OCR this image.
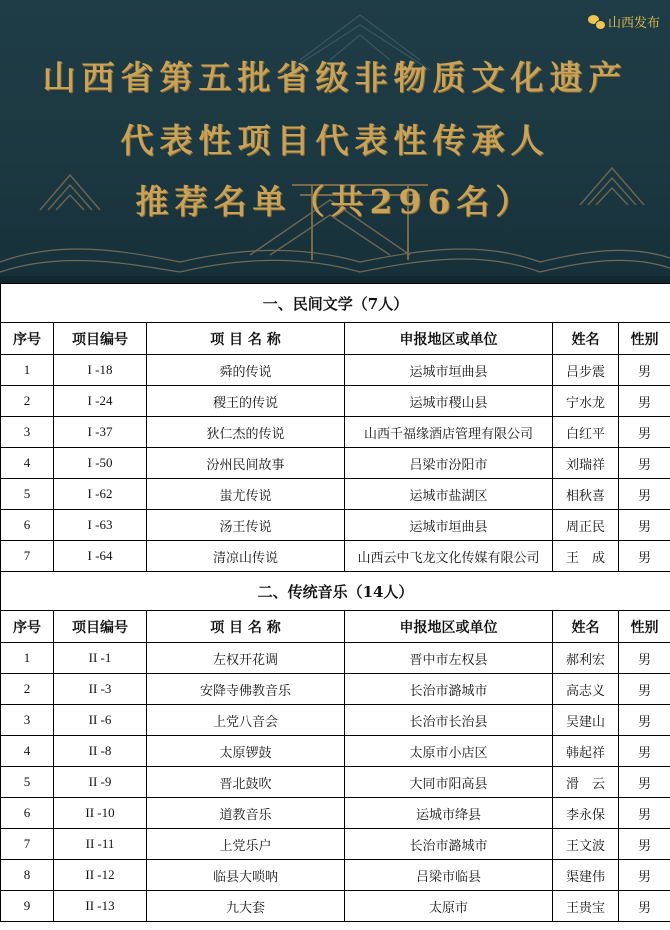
山西发布
山西省第五批省级非物质文化遗产
代表性项目代表性传承人
推荐名单（共296名）
一、民间文学（7人）					
序号	项目编号	项 目 名 称	申报地区或单位	姓名	性别
1	I -18	舜的传说	运城市垣曲县	吕步震	男
2	I -24	稷王的传说	运城市稷山县	宁水龙	男
3	I -37	狄仁杰的传说	山西千福缘酒店管理有限公司	白红平	男
4	I -50	汾州民间故事	吕梁市汾阳市	刘瑞祥	男
5	I -62	蚩尤传说	运城市盐湖区	相秋喜	男
6	I -63	汤王传说	运城市垣曲县	周正民	男
7	I -64	清凉山传说	山西云中飞龙文化传媒有限公司	王　成	男
二、传统音乐（14人）					
序号	项目编号	项 目 名 称	申报地区或单位	姓名	性别
1	II -1	左权开花调	晋中市左权县	郝利宏	男
2	II -3	安降寺佛教音乐	长治市潞城市	高志义	男
3	II -6	上党八音会	长治市长治县	吴建山	男
4	II -8	太原锣鼓	太原市小店区	韩起祥	男
5	II -9	晋北鼓吹	大同市阳高县	滑　云	男
6	II -10	道教音乐	运城市绛县	李永保	男
7	II -11	上党乐户	长治市潞城市	王文波	男
8	II -12	临县大唢呐	吕梁市临县	渠建伟	男
9	II -13	九大套	太原市	王贵宝	男
